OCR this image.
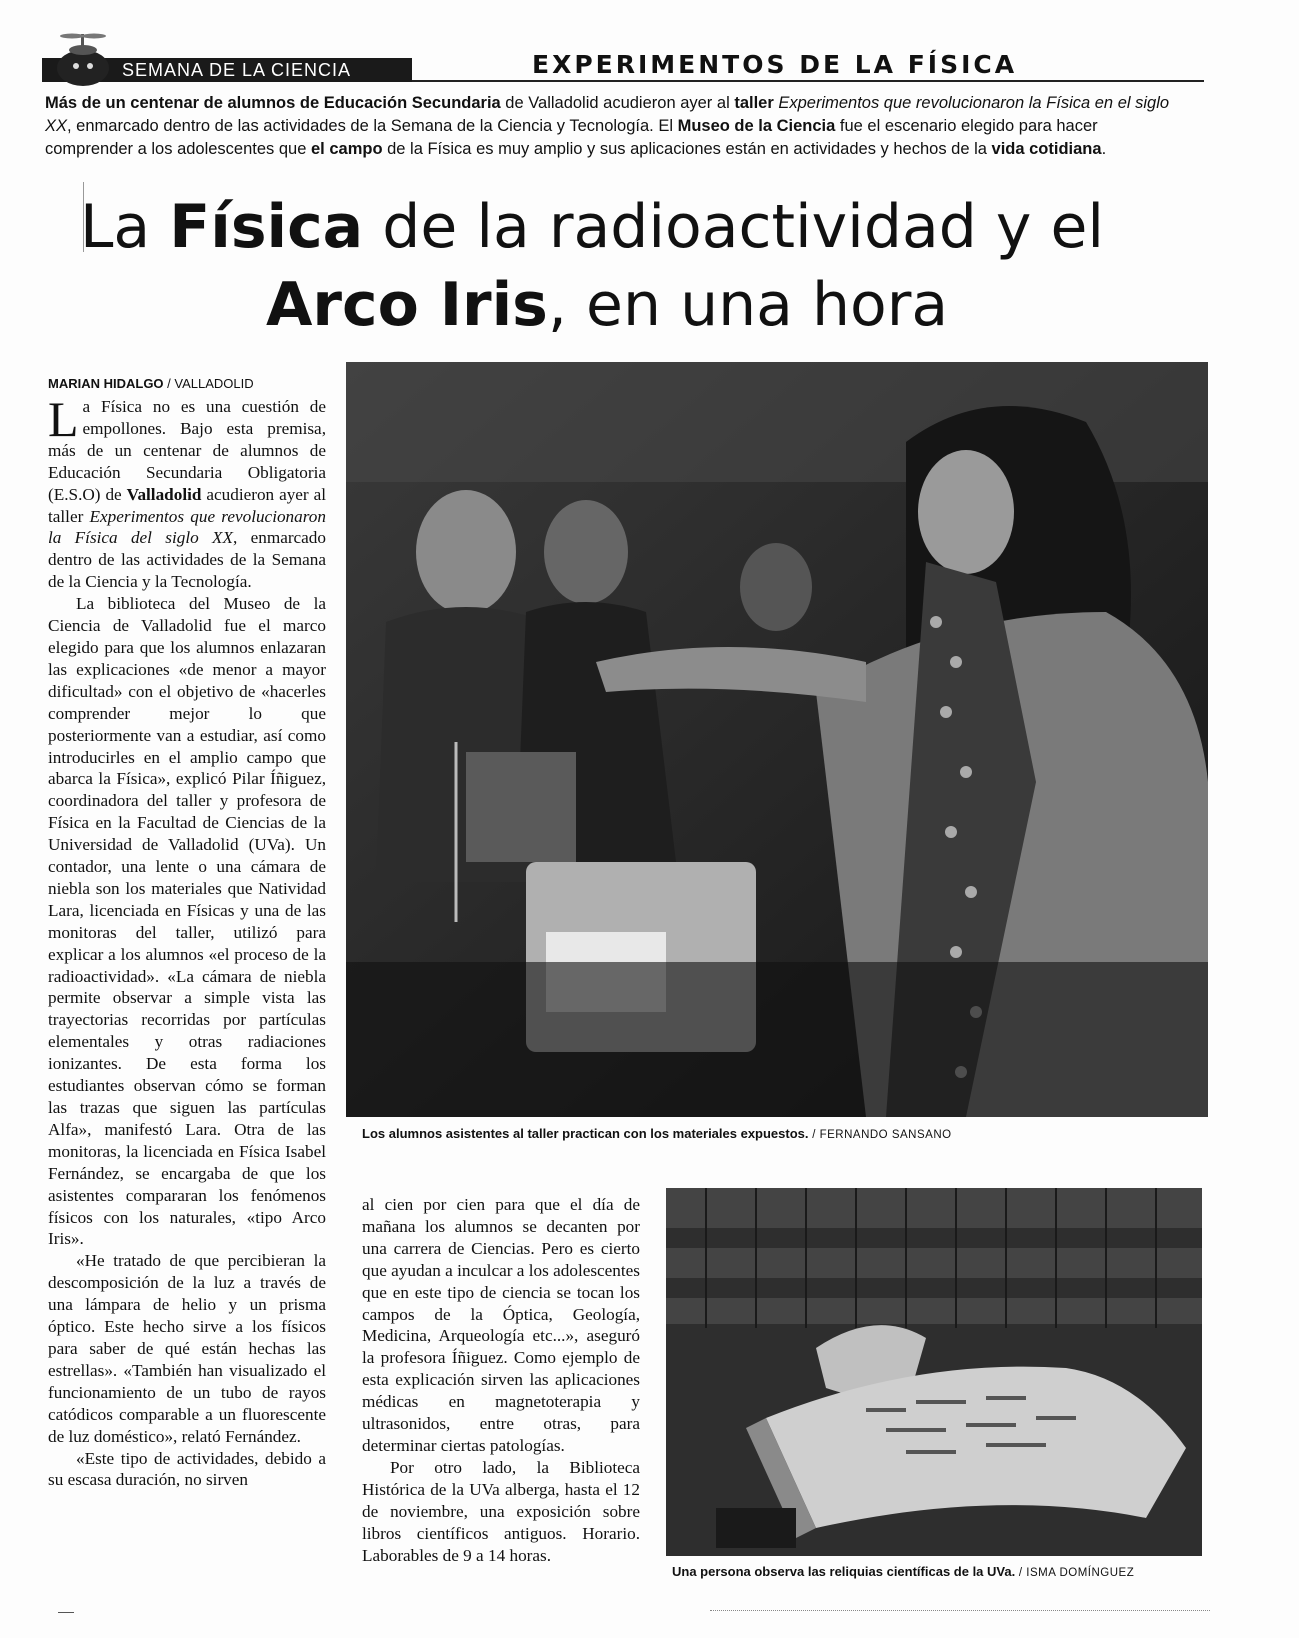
SEMANA DE LA CIENCIA	EXPERIMENTOS DE LA FÍSICA

Más de un centenar de alumnos de Educación Secundaria de Valladolid acudieron ayer al taller Experimentos que revolucionaron la Física en el siglo

XX, enmarcado dentro de las actividades de la Semana de la Ciencia y Tecnología. El Museo de la Ciencia fue el escenario elegido para hacer

comprender a los adolescentes que el campo de la Física es muy amplio y sus aplicaciones están en actividades y hechos de la vida cotidiana.

La Física de la radioactividad y el
Arco Iris, en una hora
MARIAN HIDALGO / VALLADOLID

La Física no es una cuestión de empollones. Bajo esta premisa, más de un centenar de alumnos de Educación Secundaria Obligatoria (E.S.O) de Valladolid acudieron ayer al taller Experimentos que revolucionaron la Física del siglo XX, enmarcado dentro de las actividades de la Semana de la Ciencia y la Tecnología.

La biblioteca del Museo de la Ciencia de Valladolid fue el marco elegido para que los alumnos enlazaran las explicaciones «de menor a mayor dificultad» con el objetivo de «hacerles comprender mejor lo que posteriormente van a estudiar, así como introducirles en el amplio campo que abarca la Física», explicó Pilar Íñiguez, coordinadora del taller y profesora de Física en la Facultad de Ciencias de la Universidad de Valladolid (UVa). Un contador, una lente o una cámara de niebla son los materiales que Natividad Lara, licenciada en Físicas y una de las monitoras del taller, utilizó para explicar a los alumnos «el proceso de la radioactividad». «La cámara de niebla permite observar a simple vista las trayectorias recorridas por partículas elementales y otras radiaciones ionizantes. De esta forma los estudiantes observan cómo se forman las trazas que siguen las partículas Alfa», manifestó Lara. Otra de las monitoras, la licenciada en Física Isabel Fernández, se encargaba de que los asistentes compararan los fenómenos físicos con los naturales, «tipo Arco Iris».

«He tratado de que percibieran la descomposición de la luz a través de una lámpara de helio y un prisma óptico. Este hecho sirve a los físicos para saber de qué están hechas las estrellas». «También han visualizado el funcionamiento de un tubo de rayos catódicos comparable a un fluorescente de luz doméstico», relató Fernández.

«Este tipo de actividades, debido a su escasa duración, no sirven

Los alumnos asistentes al taller practican con los materiales expuestos. / FERNANDO SANSANO

al cien por cien para que el día de mañana los alumnos se decanten por una carrera de Ciencias. Pero es cierto que ayudan a inculcar a los adolescentes que en este tipo de ciencia se tocan los campos de la Óptica, Geología, Medicina, Arqueología etc...», aseguró la profesora Íñiguez. Como ejemplo de esta explicación sirven las aplicaciones médicas en magnetoterapia y ultrasonidos, entre otras, para determinar ciertas patologías.

Por otro lado, la Biblioteca Histórica de la UVa alberga, hasta el 12 de noviembre, una exposición sobre libros científicos antiguos. Horario. Laborables de 9 a 14 horas.

Una persona observa las reliquias científicas de la UVa. / ISMA DOMÍNGUEZ
